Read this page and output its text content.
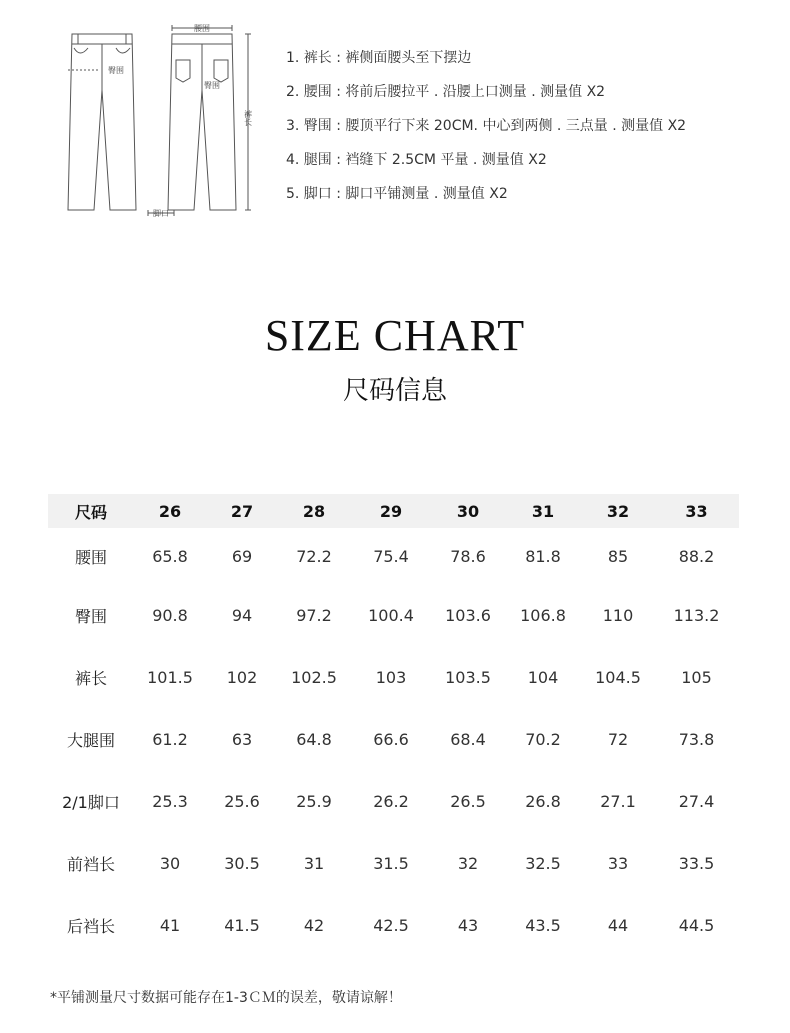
腰围
臀围
臀围
裤长
脚口
1. 裤长 : 裤侧面腰头至下摆边
2. 腰围 : 将前后腰拉平 . 沿腰上口测量 . 测量值 X2
3. 臀围 : 腰顶平行下来 20CM. 中心到两侧 . 三点量 . 测量值 X2
4. 腿围 : 裆缝下 2.5CM 平量 . 测量值 X2
5. 脚口 : 脚口平铺测量 . 测量值 X2
SIZE CHART
尺码信息
尺码	26	27	28	29	30	31	32	33
腰围	65.8	69	72.2	75.4	78.6	81.8	85	88.2
臀围	90.8	94	97.2	100.4	103.6	106.8	110	113.2
裤长	101.5	102	102.5	103	103.5	104	104.5	105
大腿围	61.2	63	64.8	66.6	68.4	70.2	72	73.8
2/1脚口	25.3	25.6	25.9	26.2	26.5	26.8	27.1	27.4
前裆长	30	30.5	31	31.5	32	32.5	33	33.5
后裆长	41	41.5	42	42.5	43	43.5	44	44.5
*平铺测量尺寸数据可能存在1-3ＣＭ的误差，敬请谅解！
